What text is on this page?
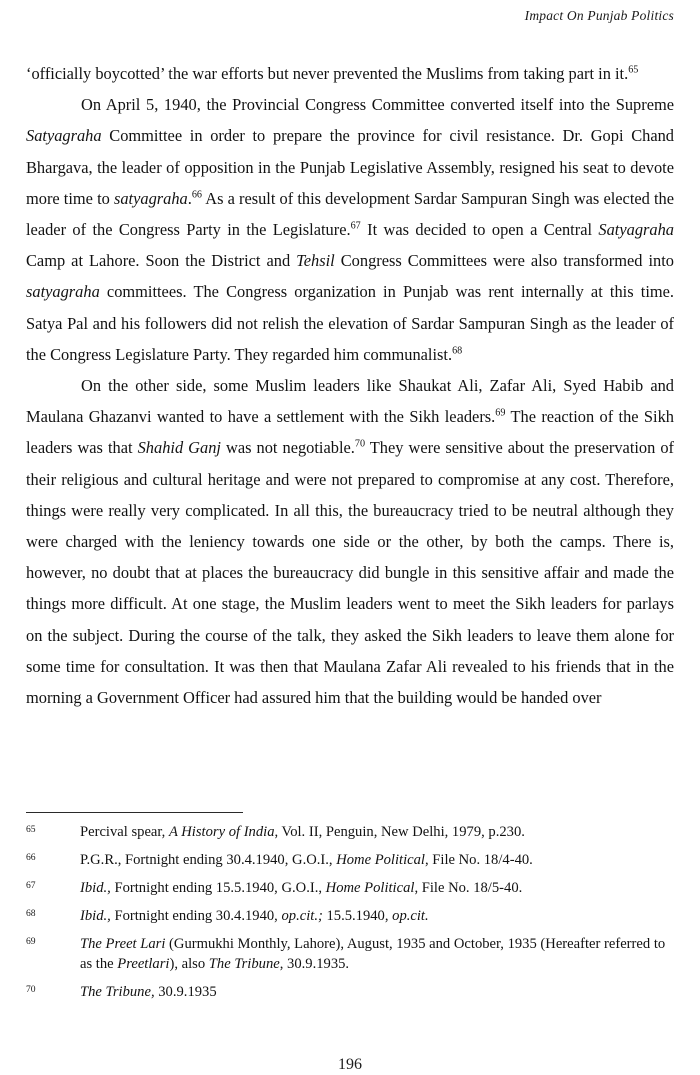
Impact On Punjab Politics

‘officially boycotted’ the war efforts but never prevented the Muslims from taking part in it.$^{65}$

On April 5, 1940, the Provincial Congress Committee converted itself into the Supreme Satyagraha Committee in order to prepare the province for civil resistance. Dr. Gopi Chand Bhargava, the leader of opposition in the Punjab Legislative Assembly, resigned his seat to devote more time to satyagraha.$^{66}$ As a result of this development Sardar Sampuran Singh was elected the leader of the Congress Party in the Legislature.$^{67}$ It was decided to open a Central Satyagraha Camp at Lahore. Soon the District and Tehsil Congress Committees were also transformed into satyagraha committees. The Congress organization in Punjab was rent internally at this time. Satya Pal and his followers did not relish the elevation of Sardar Sampuran Singh as the leader of the Congress Legislature Party. They regarded him communalist.$^{68}$

On the other side, some Muslim leaders like Shaukat Ali, Zafar Ali, Syed Habib and Maulana Ghazanvi wanted to have a settlement with the Sikh leaders.$^{69}$ The reaction of the Sikh leaders was that Shahid Ganj was not negotiable.$^{70}$ They were sensitive about the preservation of their religious and cultural heritage and were not prepared to compromise at any cost. Therefore, things were really very complicated. In all this, the bureaucracy tried to be neutral although they were charged with the leniency towards one side or the other, by both the camps. There is, however, no doubt that at places the bureaucracy did bungle in this sensitive affair and made the things more difficult. At one stage, the Muslim leaders went to meet the Sikh leaders for parlays on the subject. During the course of the talk, they asked the Sikh leaders to leave them alone for some time for consultation. It was then that Maulana Zafar Ali revealed to his friends that in the morning a Government Officer had assured him that the building would be handed over

65	Percival spear, A History of India, Vol. II, Penguin, New Delhi, 1979, p.230.
66	P.G.R., Fortnight ending 30.4.1940, G.O.I., Home Political, File No. 18/4-40.
67	Ibid., Fortnight ending 15.5.1940, G.O.I., Home Political, File No. 18/5-40.
68	Ibid., Fortnight ending 30.4.1940, op.cit.; 15.5.1940, op.cit.
69	The Preet Lari (Gurmukhi Monthly, Lahore), August, 1935 and October, 1935 (Hereafter referred to as the Preetlari), also The Tribune, 30.9.1935.
70	The Tribune, 30.9.1935
196
